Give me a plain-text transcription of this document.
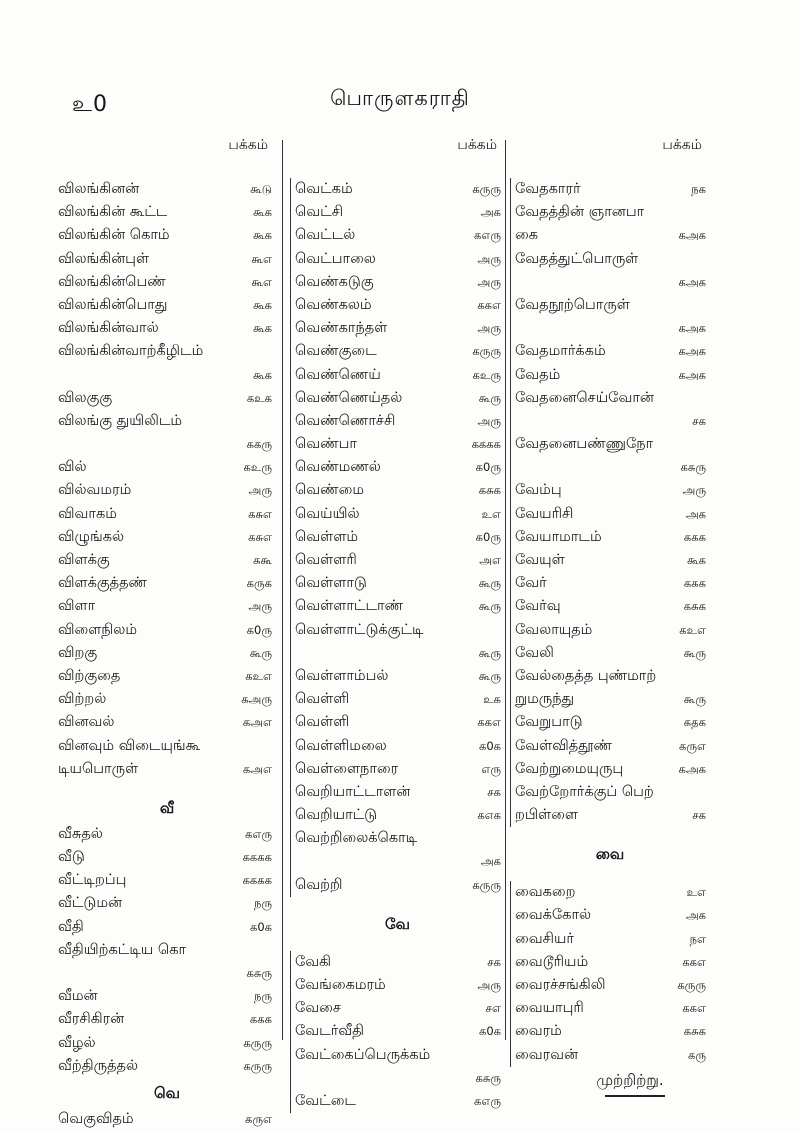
உ0	பொருளகராதி
பக்கம்
விலங்கினன்	கூடு
விலங்கின் கூட்ட	கூக
விலங்கின் கொம்	கூக
விலங்கின்புள்	கூஎ
விலங்கின்பெண்	கூஎ
விலங்கின்பொது	கூக
விலங்கின்வால்	கூக
விலங்கின்வாற்கீழிடம்
கூக
விலகுகு	கஉக
விலங்கு துயிலிடம்
ககரு
வில்	கஉரு
வில்வமரம்	அரு
விவாகம்	கசுஎ
விழுங்கல்	கசுஎ
விளக்கு	ககூ
விளக்குத்தண்	கருக
விளா	அரு
விளைநிலம்	க0ரு
விறகு	கூரு
விற்குதை	கஉஎ
விற்றல்	கஅரு
வினவல்	கஅஎ
வினவும் விடையுங்கூ
டியபொருள்	கஅஎ
வீ
வீசுதல்	கஎரு
வீடு	கககக
வீட்டிறப்பு	கககக
வீட்டுமன்	நரு
வீதி	க0க
வீதியிற்கட்டிய கொ
கசுரு
வீமன்	நரு
வீரசிகிரன்	ககக
வீழல்	கருரு
வீற்திருத்தல்	கருரு
வெ
வெகுவிதம்	கருஎ
பக்கம்
வெட்கம்	கருரு
வெட்சி	அக
வெட்டல்	கஎரு
வெட்பாலை	அரு
வெண்கடுகு	அரு
வெண்கலம்	ககஎ
வெண்காந்தள்	அரு
வெண்குடை	கருரு
வெண்ணெய்	கஉரு
வெண்ணெய்தல்	கூரு
வெண்ணொச்சி	அரு
வெண்பா	கககக
வெண்மணல்	க0ரு
வெண்மை	கசுக
வெய்யில்	உஎ
வெள்ளம்	க0ரு
வெள்ளரி	அஎ
வெள்ளாடு	கூரு
வெள்ளாட்டாண்	கூரு
வெள்ளாட்டுக்குட்டி
கூரு
வெள்ளாம்பல்	கூரு
வெள்ளி	உக
வெள்ளி	ககஎ
வெள்ளிமலை	க0க
வெள்ளைநாரை	எரு
வெறியாட்டாளன்	சக
வெறியாட்டு	கஎக
வெற்றிலைக்கொடி
அக
வெற்றி	கருரு
வே
வேகி	சக
வேங்கைமரம்	அரு
வேசை	சஎ
வேடர்வீதி	க0க
வேட்கைப்பெருக்கம்
கசுரு
வேட்டை	கஎரு
பக்கம்
வேதகாரர்	நக
வேதத்தின் ஞானபா
கை	கஅக
வேதத்துட்பொருள்
கஅக
வேதநூற்பொருள்
கஅக
வேதமார்க்கம்	கஅக
வேதம்	கஅக
வேதனைசெய்வோன்
சக
வேதனைபண்ணுநோ
கசுரு
வேம்பு	அரு
வேயரிசி	அக
வேயாமாடம்	ககக
வேயுள்	கூக
வேர்	ககக
வேர்வு	கசுக
வேலாயுதம்	கஉஎ
வேலி	கூரு
வேல்தைத்த புண்மாற்
றுமருந்து	கூரு
வேறுபாடு	கதக
வேள்வித்தூண்	கருஎ
வேற்றுமையுருபு	கஅக
வேற்றோர்க்குப் பெற்
றபிள்ளை	சக
வை
வைகறை	உஎ
வைக்கோல்	அக
வைசியர்	நஎ
வைடூரியம்	ககஎ
வைரச்சங்கிலி	கருரு
வையாபுரி	ககஎ
வைரம்	கசுக
வைரவன்	கரு
முற்றிற்று.
